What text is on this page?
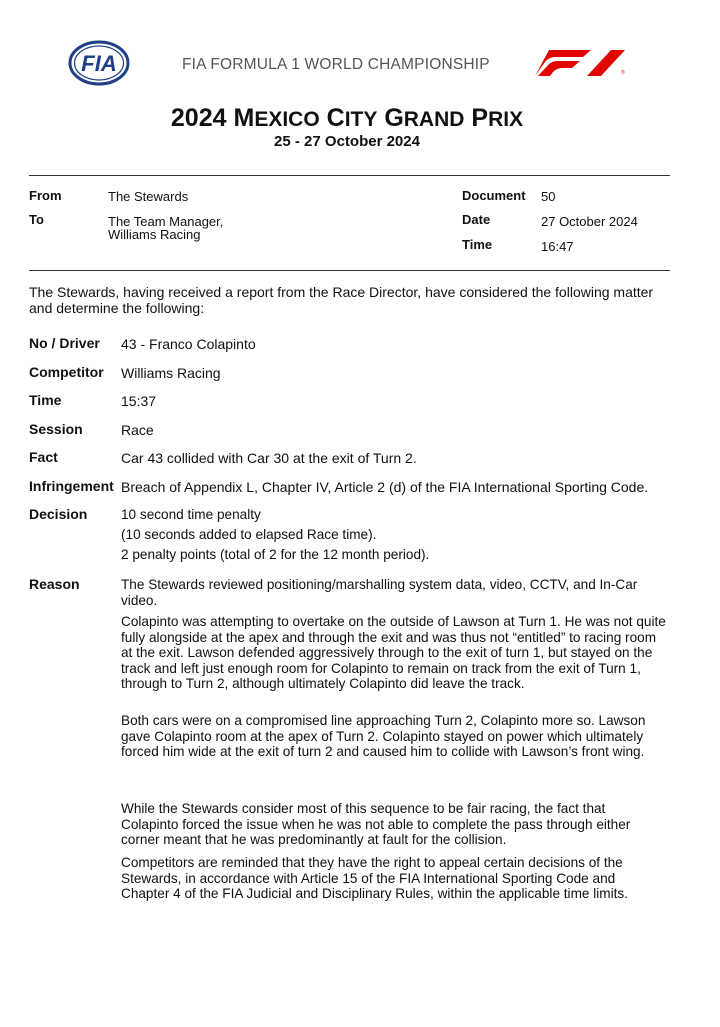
FIA	FIA FORMULA 1 WORLD CHAMPIONSHIP	®
2024 MEXICO CITY GRAND PRIX
25 - 27 October 2024
From	The Stewards
To	The Team Manager,
Williams Racing
Document 50
Date	27 October 2024
Time	16:47
The Stewards, having received a report from the Race Director, have considered the following matter and determine the following:
No / Driver 43 - Franco Colapinto
Competitor Williams Racing
Time	15:37
Session	Race
Fact	Car 43 collided with Car 30 at the exit of Turn 2.
Infringement Breach of Appendix L, Chapter IV, Article 2 (d) of the FIA International Sporting Code.
Decision 10 second time penalty
(10 seconds added to elapsed Race time).
2 penalty points (total of 2 for the 12 month period).
Reason	The Stewards reviewed positioning/marshalling system data, video, CCTV, and In-Car video.

Colapinto was attempting to overtake on the outside of Lawson at Turn 1. He was not quite fully alongside at the apex and through the exit and was thus not “entitled” to racing room at the exit. Lawson defended aggressively through to the exit of turn 1, but stayed on the track and left just enough room for Colapinto to remain on track from the exit of Turn 1, through to Turn 2, although ultimately Colapinto did leave the track.

Both cars were on a compromised line approaching Turn 2, Colapinto more so. Lawson gave Colapinto room at the apex of Turn 2. Colapinto stayed on power which ultimately forced him wide at the exit of turn 2 and caused him to collide with Lawson’s front wing.

While the Stewards consider most of this sequence to be fair racing, the fact that Colapinto forced the issue when he was not able to complete the pass through either corner meant that he was predominantly at fault for the collision.

Competitors are reminded that they have the right to appeal certain decisions of the Stewards, in accordance with Article 15 of the FIA International Sporting Code and Chapter 4 of the FIA Judicial and Disciplinary Rules, within the applicable time limits.
